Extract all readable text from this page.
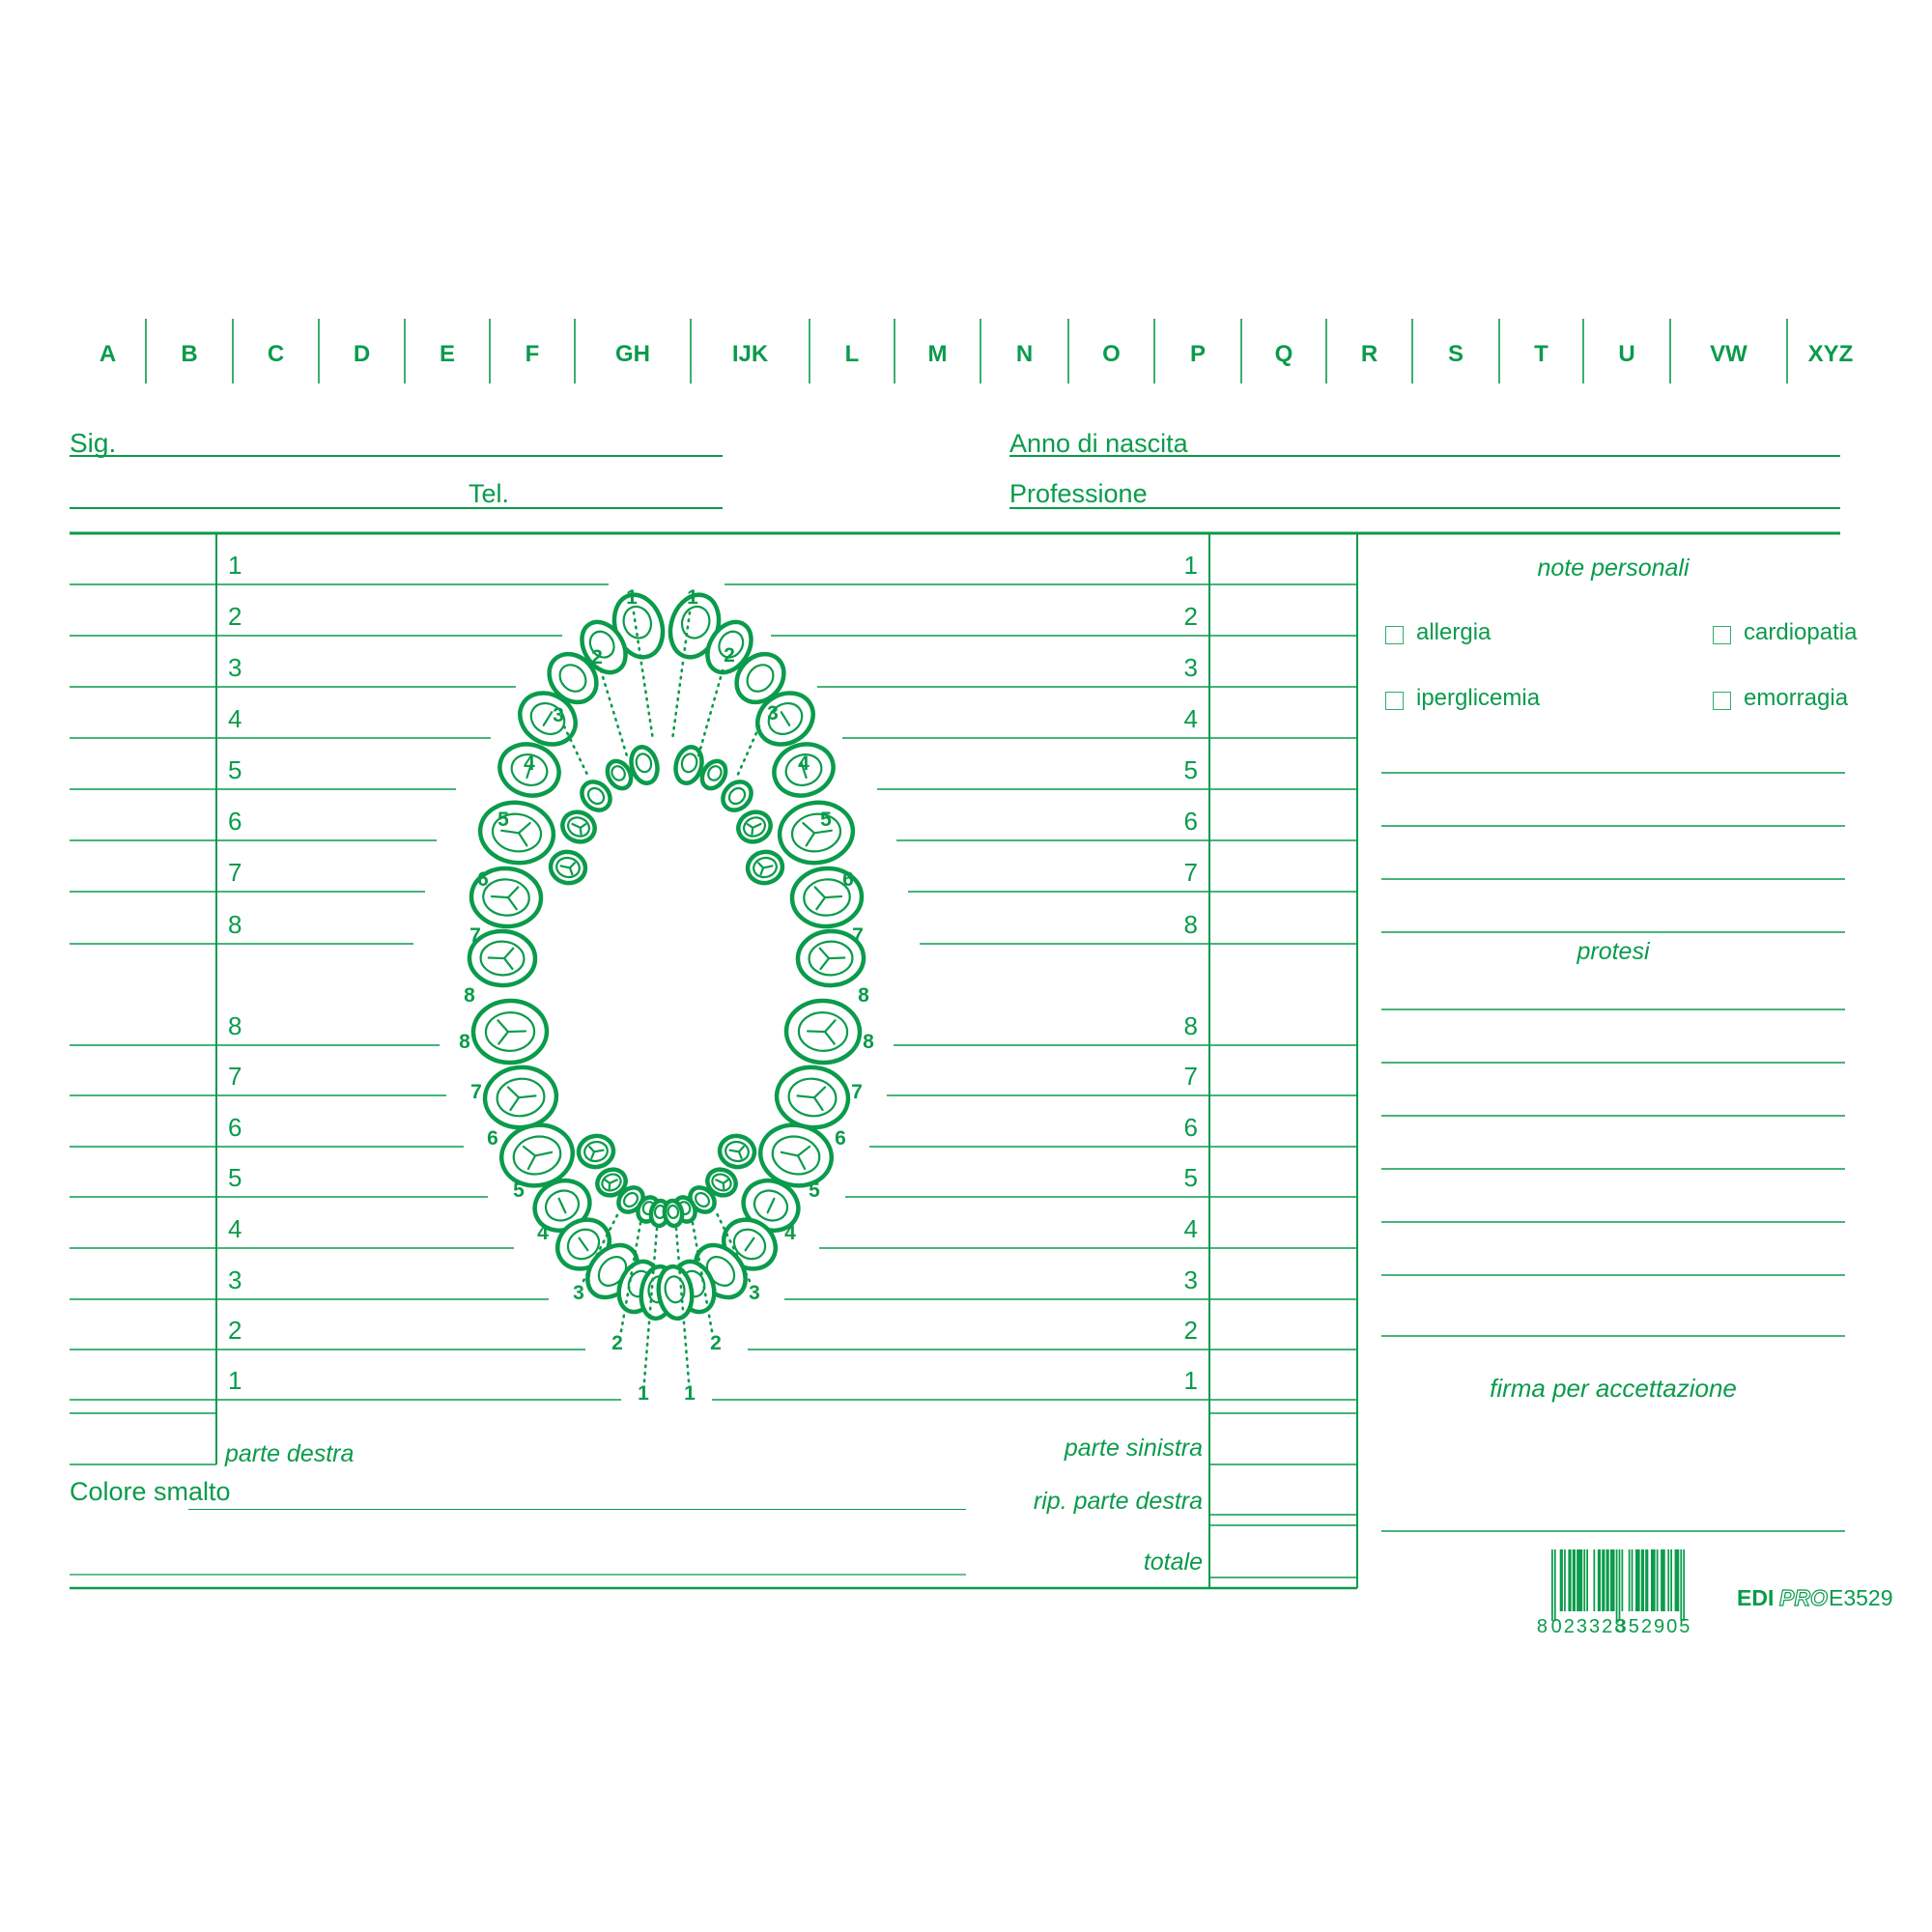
A	B	C	D	E	F	GH	IJK	L	M	N	O	P	Q	R	S	T	U	VW	XYZ
Sig.
Tel.
Anno di nascita
Professione
1
2
3
4
5
6
7
8
8
7
6
5
4
3
2
1
1
2
3
4
5
6
7
8
8
7
6
5
4
3
2
1
1 1
2	2
3	3
4	4
5	5
6	6
7	7
8	8
1 1
2	2
3	3
4	4
5	5
6	6
7	7
8	8
note personali
allergia	cardiopatia
iperglicemia	emorragia
protesi
firma per accettazione
parte destra
Colore smalto
parte sinistra
rip. parte destra
totale
8 023328
352905
EDI PRO E3529
